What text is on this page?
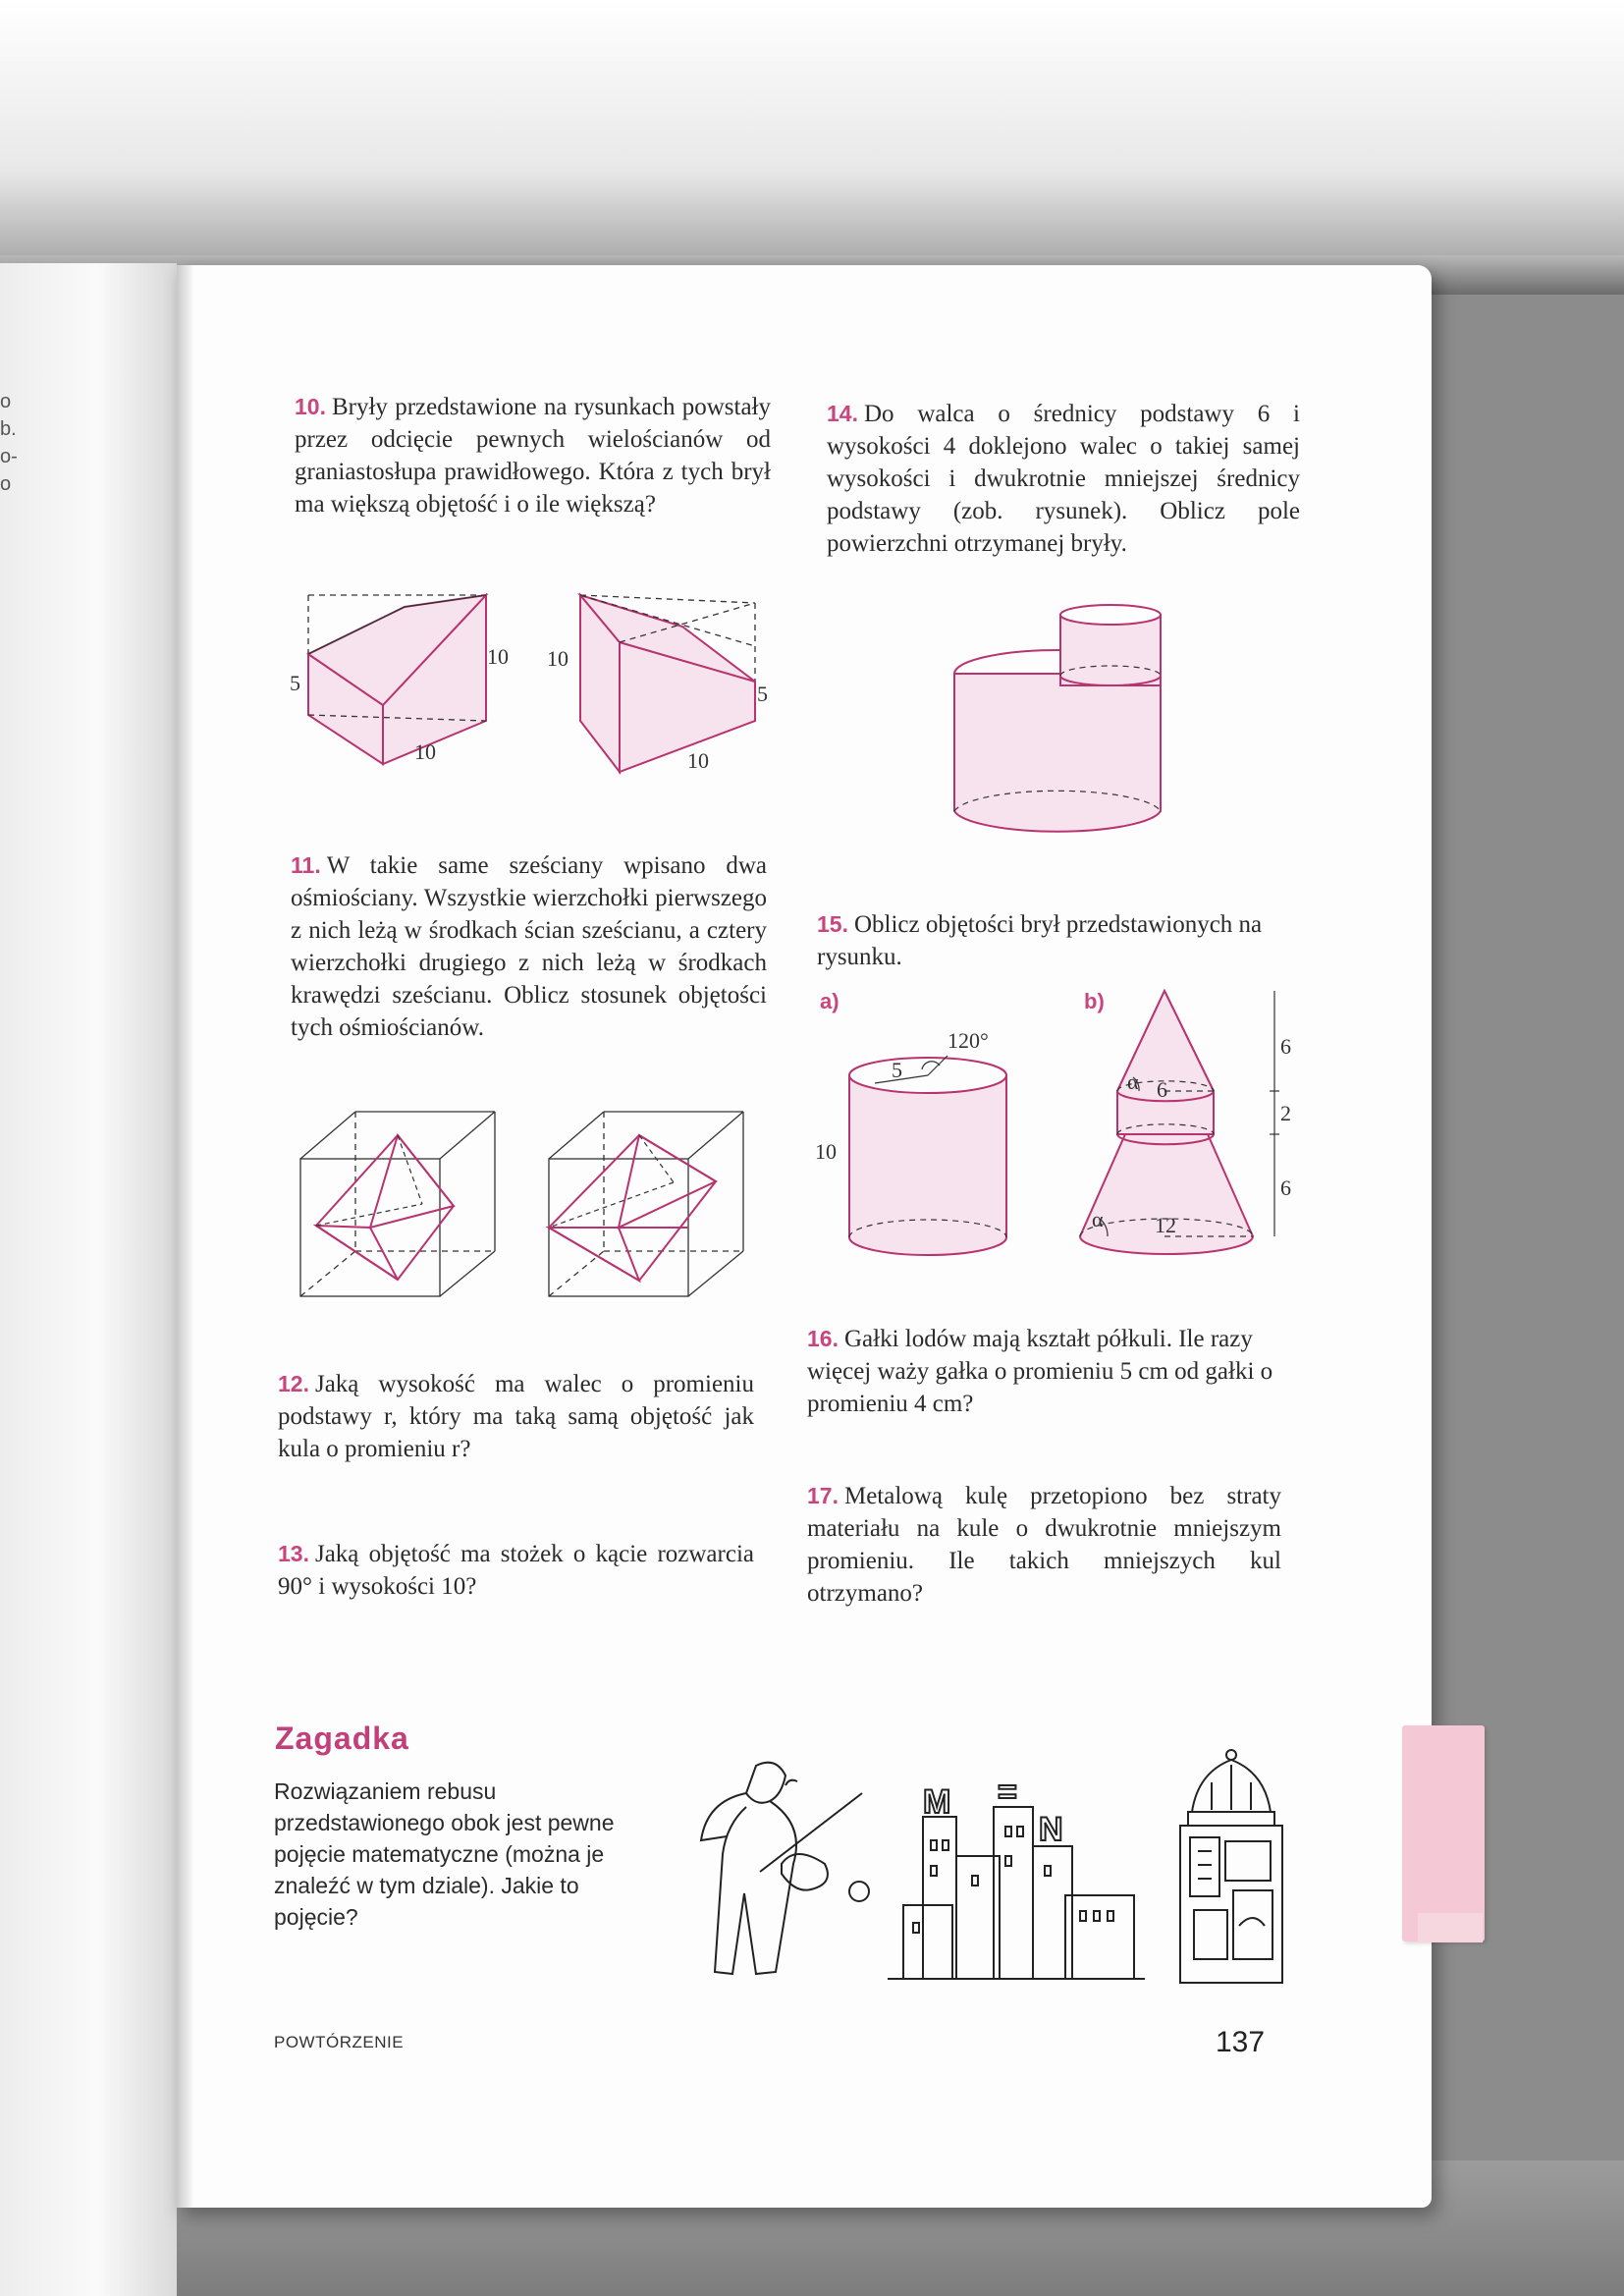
o
b.
o-
o
10. Bryły przedstawione na rysunkach powstały przez odcięcie pewnych wielościanów od graniastosłupa prawidłowego. Która z tych brył ma większą objętość i o ile większą?
5
10
10
10
5
10
11. W takie same sześciany wpisano dwa ośmiościany. Wszystkie wierzchołki pierwszego z nich leżą w środkach ścian sześcianu, a cztery wierzchołki drugiego z nich leżą w środkach krawędzi sześcianu. Oblicz stosunek objętości tych ośmiościanów.
12. Jaką wysokość ma walec o promieniu podstawy r, który ma taką samą objętość jak kula o promieniu r?
13. Jaką objętość ma stożek o kącie rozwarcia 90° i wysokości 10?
14. Do walca o średnicy podstawy 6 i wysokości 4 doklejono walec o takiej samej wysokości i dwukrotnie mniejszej średnicy podstawy (zob. rysunek). Oblicz pole powierzchni otrzymanej bryły.
15. Oblicz objętości brył przedstawionych na rysunku.
a)
120°
5
10
b)
6
2
6
α 6
α 12
16. Gałki lodów mają kształt półkuli. Ile razy więcej waży gałka o promieniu 5 cm od gałki o promieniu 4 cm?
17. Metalową kulę przetopiono bez straty materiału na kule o dwukrotnie mniejszym promieniu. Ile takich mniejszych kul otrzymano?
Zagadka
Rozwiązaniem rebusu przedstawionego obok jest pewne pojęcie matematyczne (można je znaleźć w tym dziale). Jakie to pojęcie?
M =
N
POWTÓRZENIE	137
